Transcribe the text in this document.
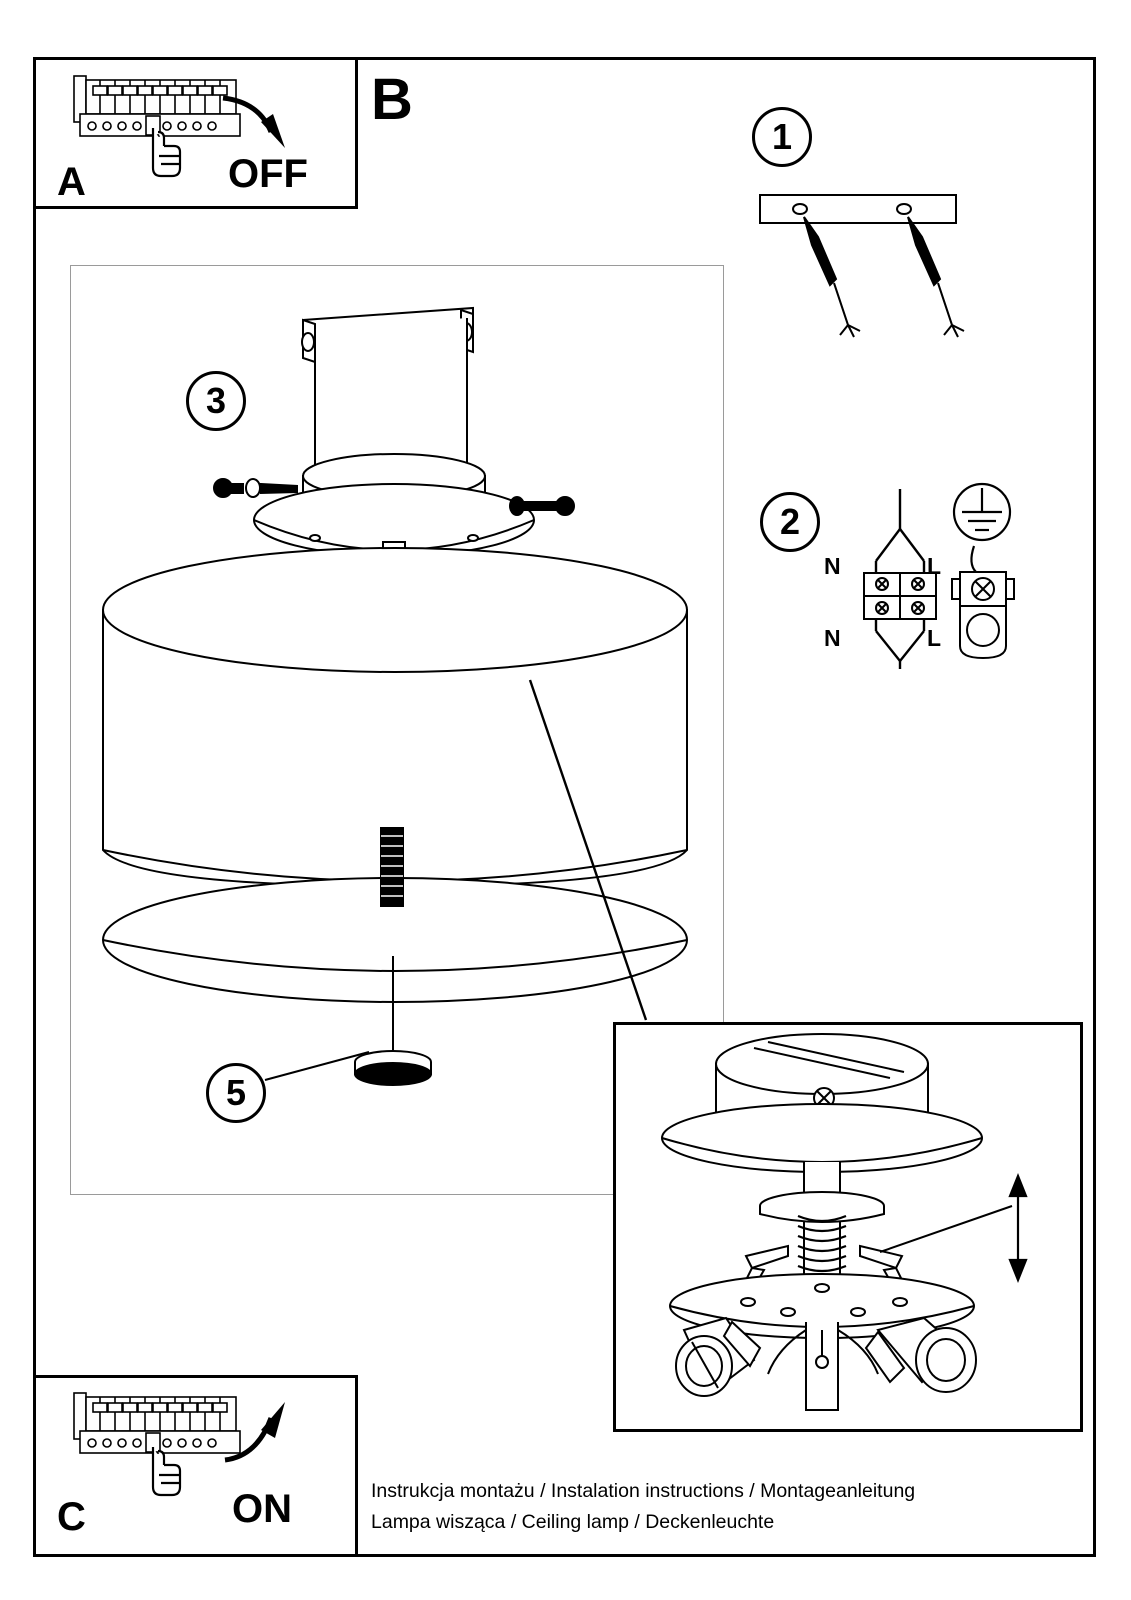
A	OFF
B
1
2
N	L
N	L
3
5
C	ON	Instrukcja montażu / Instalation instructions / Montageanleitung
Lampa wisząca / Ceiling lamp / Deckenleuchte
